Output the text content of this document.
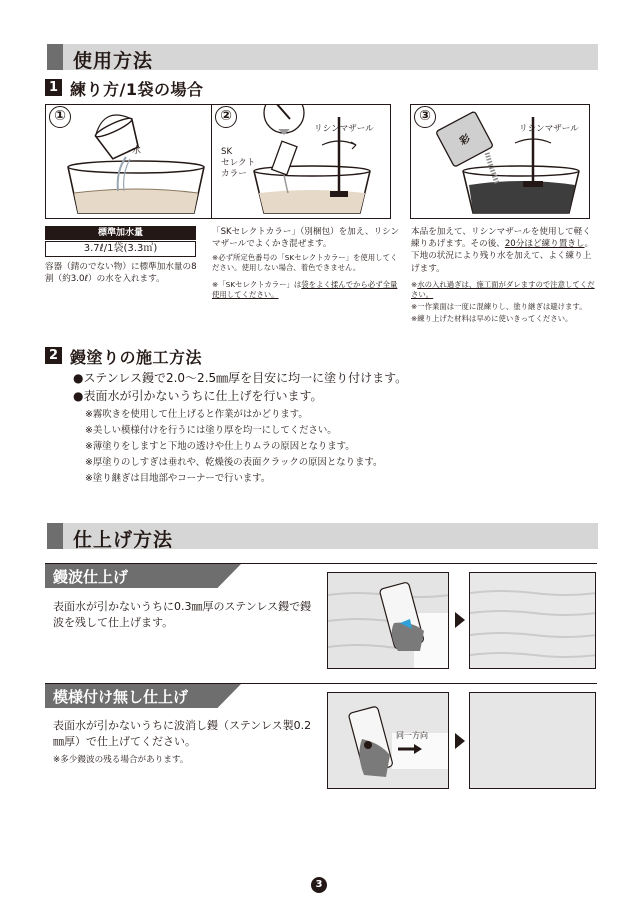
使用方法
1 練り方/1袋の場合
①
水
②
SK
セレクト
カラー
リシンマザール
③
彩
リシンマザール
標準加水量
3.7ℓ/1袋(3.3㎥)
容器（錆のでない物）に標準加水量の8割（約3.0ℓ）の水を入れます。
「SKセレクトカラー」（別梱包）を加え、リシンマザールでよくかき混ぜます。
※必ず所定色番号の「SKセレクトカラー」を使用してください。使用しない場合、着色できません。
※「SKセレクトカラー」は袋をよく揉んでから必ず全量使用してください。
本品を加えて、リシンマザールを使用して軽く練りあげます。その後、20分ほど練り置きし。下地の状況により残り水を加えて、よく練り上げます。
※水の入れ過ぎは、施工面がダレますので注意してください。
※一作業面は一度に混練りし、塗り継ぎは避けます。
※練り上げた材料は早めに使いきってください。
2 鏝塗りの施工方法
●ステンレス鏝で2.0～2.5㎜厚を目安に均一に塗り付けます。
●表面水が引かないうちに仕上げを行います。
※霧吹きを使用して仕上げると作業がはかどります。
※美しい模様付けを行うには塗り厚を均一にしてください。
※薄塗りをしますと下地の透けや仕上りムラの原因となります。
※厚塗りのしすぎは垂れや、乾燥後の表面クラックの原因となります。
※塗り継ぎは目地部やコーナーで行います。
仕上げ方法
鏝波仕上げ
表面水が引かないうちに0.3㎜厚のステンレス鏝で鏝波を残して仕上げます。
模様付け無し仕上げ
表面水が引かないうちに波消し鏝（ステンレス製0.2㎜厚）で仕上げてください。
※多少鏝波の残る場合があります。
同一方向
3
